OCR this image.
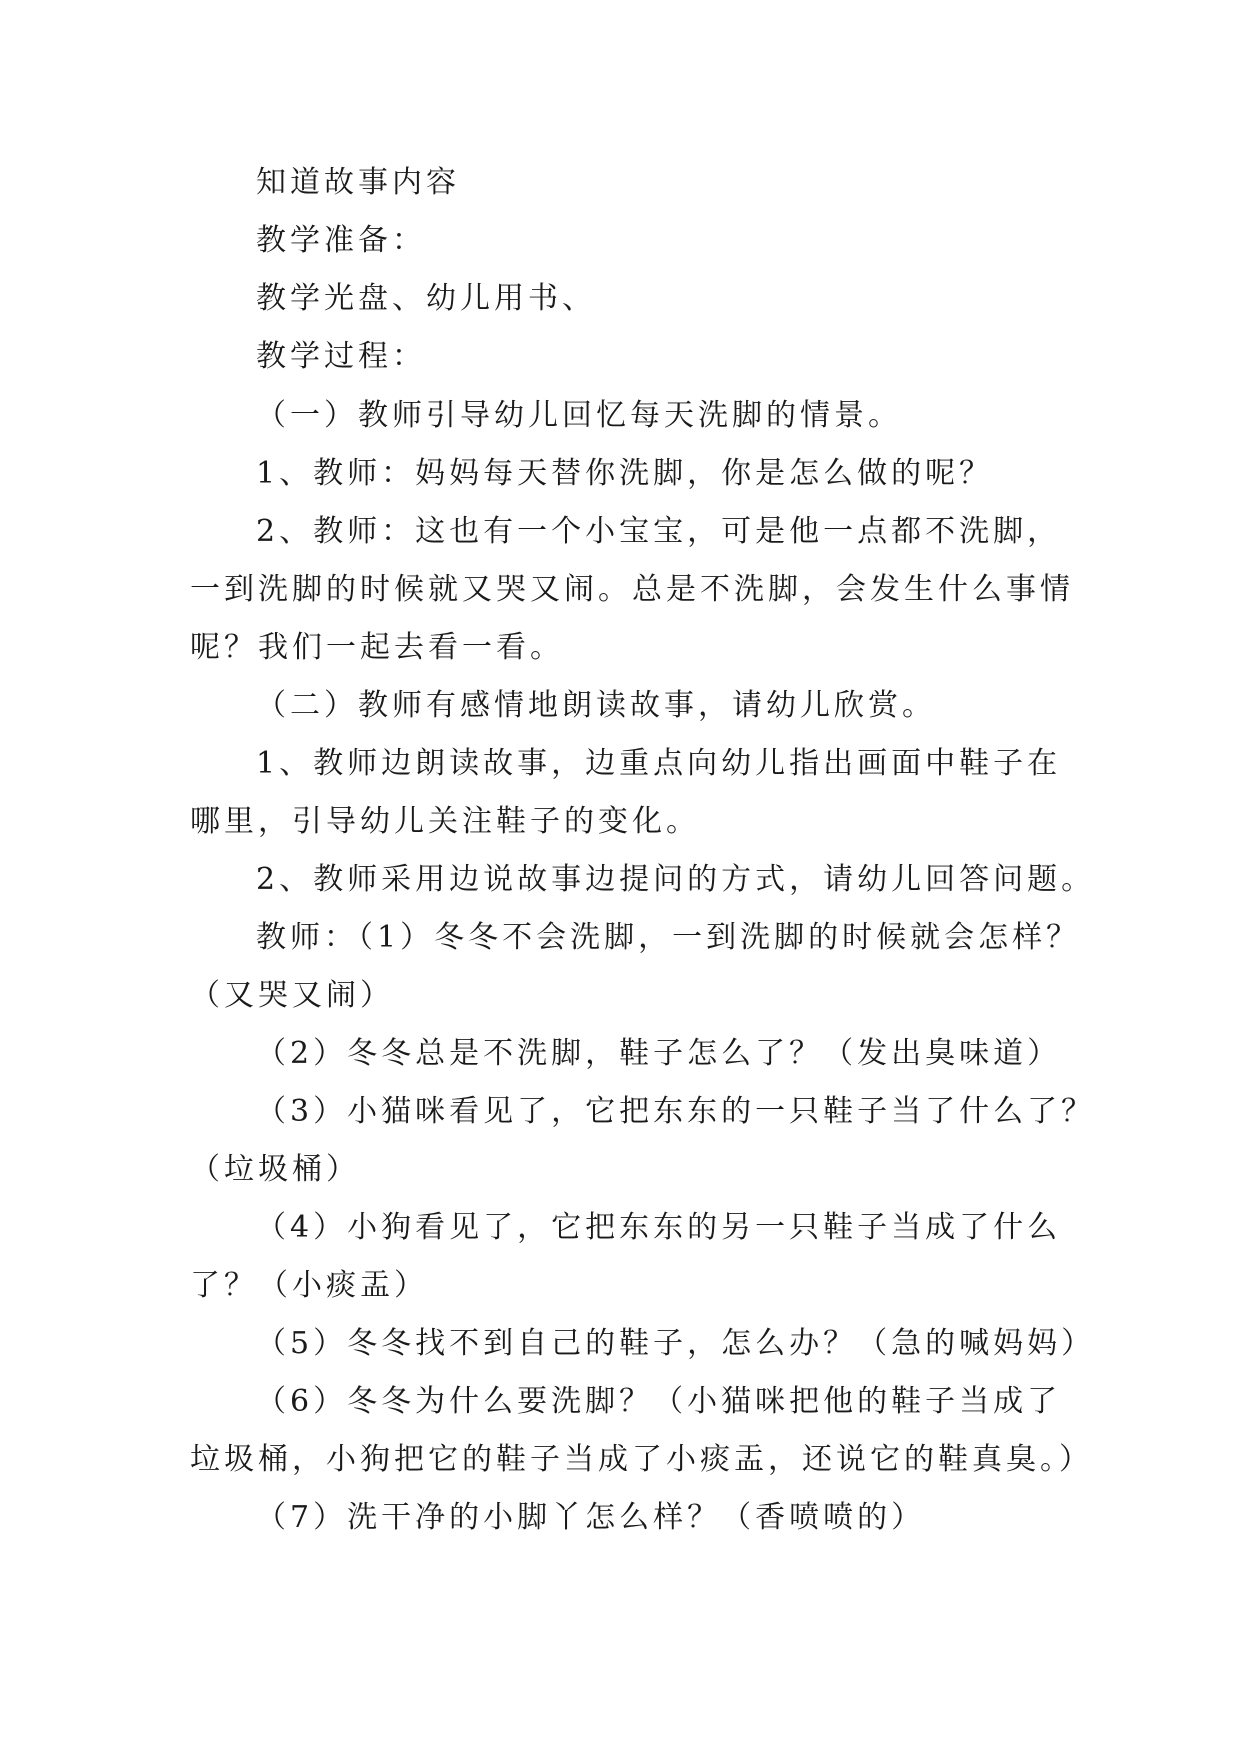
知道故事内容
教学准备：
教学光盘、幼儿用书、
教学过程：
（一）教师引导幼儿回忆每天洗脚的情景。
1、教师：妈妈每天替你洗脚，你是怎么做的呢？
2、教师：这也有一个小宝宝，可是他一点都不洗脚，
一到洗脚的时候就又哭又闹。总是不洗脚，会发生什么事情
呢？我们一起去看一看。
（二）教师有感情地朗读故事，请幼儿欣赏。
1、教师边朗读故事，边重点向幼儿指出画面中鞋子在
哪里，引导幼儿关注鞋子的变化。
2、教师采用边说故事边提问的方式，请幼儿回答问题。
教师：（1）冬冬不会洗脚，一到洗脚的时候就会怎样？
（又哭又闹）
（2）冬冬总是不洗脚，鞋子怎么了？（发出臭味道）
（3）小猫咪看见了，它把东东的一只鞋子当了什么了？
（垃圾桶）
（4）小狗看见了，它把东东的另一只鞋子当成了什么
了？（小痰盂）
（5）冬冬找不到自己的鞋子，怎么办？（急的喊妈妈）
（6）冬冬为什么要洗脚？（小猫咪把他的鞋子当成了
垃圾桶，小狗把它的鞋子当成了小痰盂，还说它的鞋真臭。）
（7）洗干净的小脚丫怎么样？（香喷喷的）
